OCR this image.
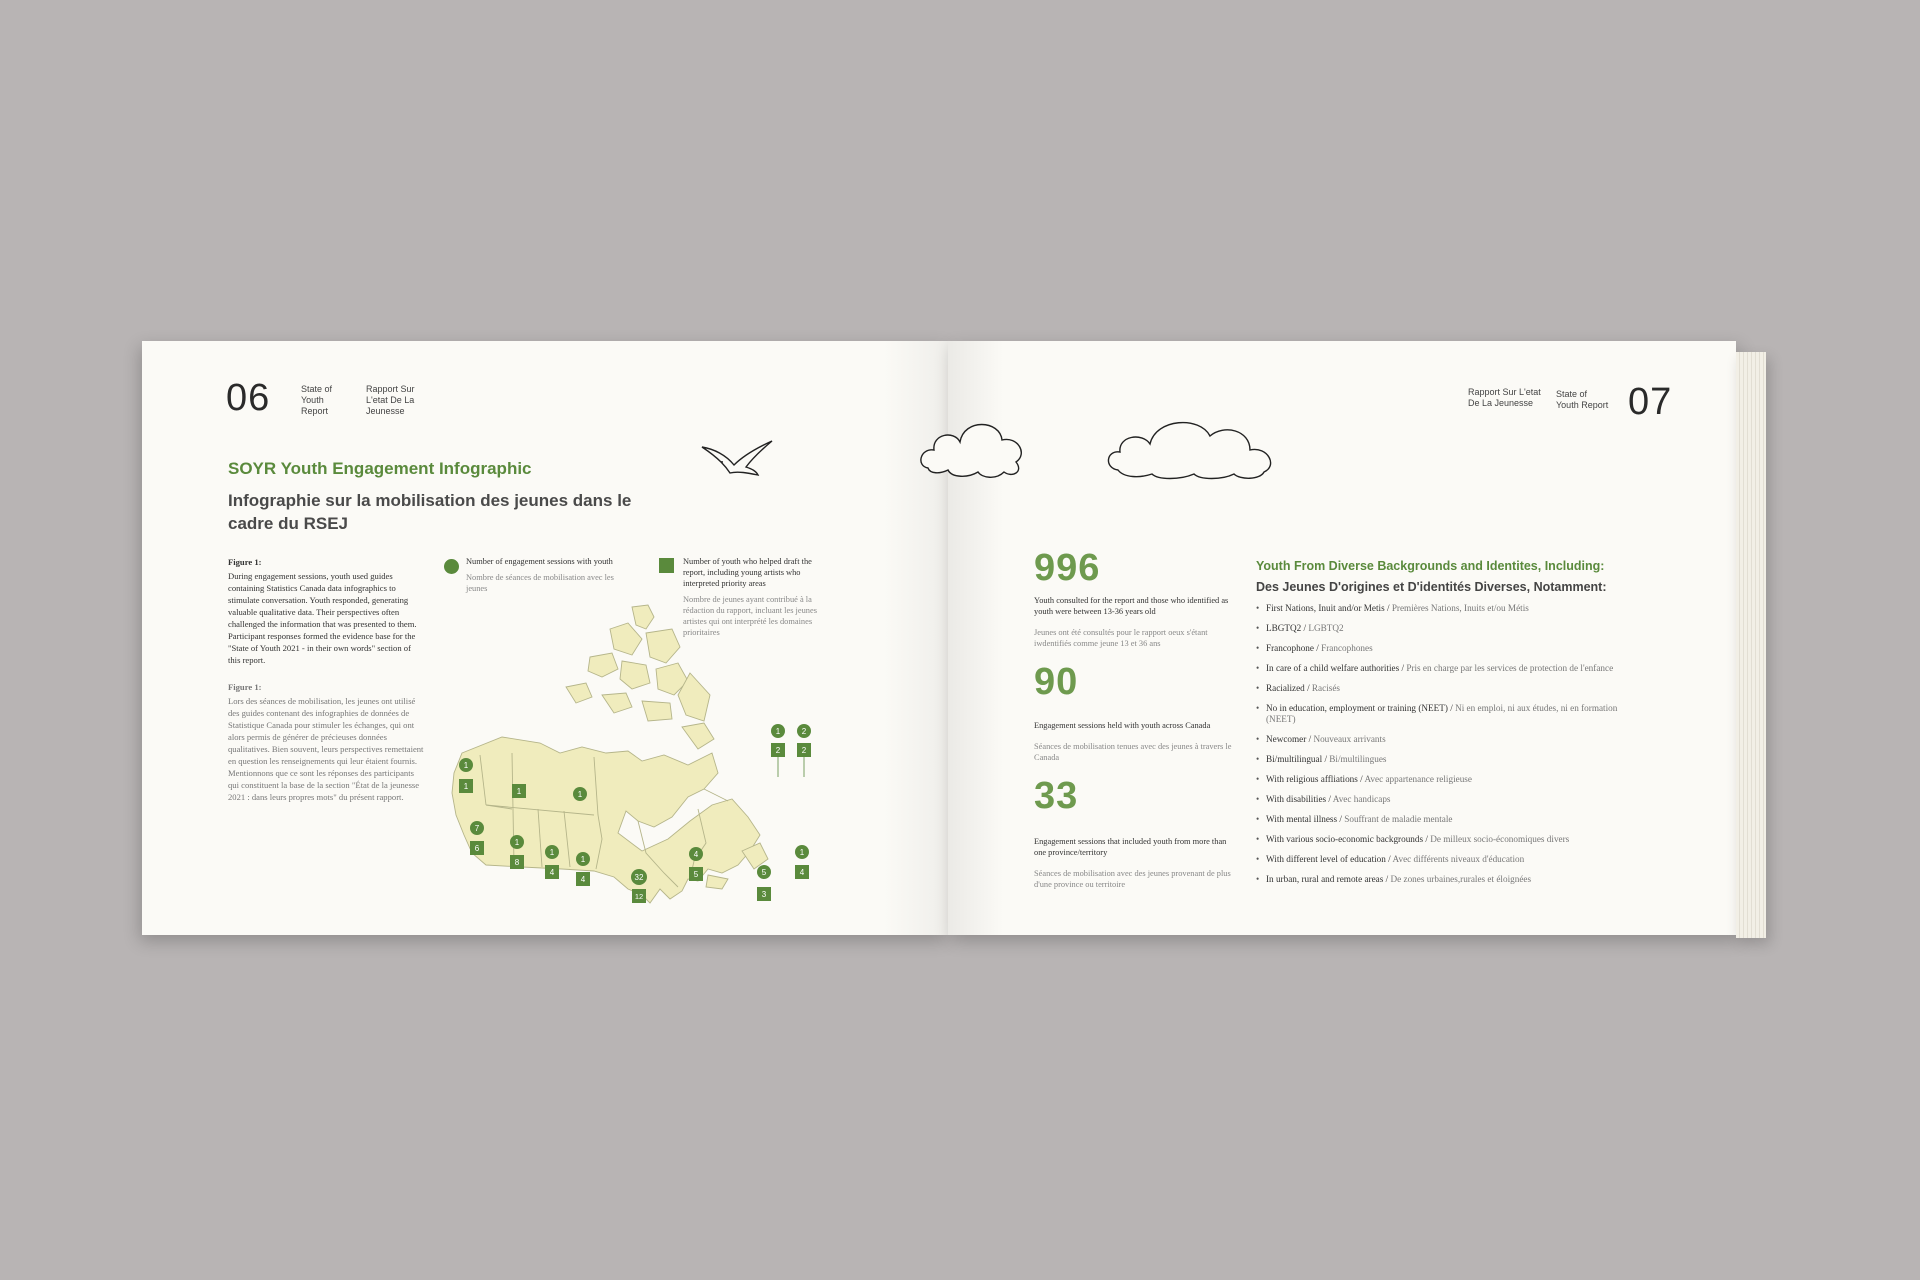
06	State of Youth Report
Rapport Sur L'etat De La Jeunesse
SOYR Youth Engagement Infographic
Infographie sur la mobilisation des jeunes dans le cadre du RSEJ
Figure 1:
During engagement sessions, youth used guides containing Statistics Canada data infographics to stimulate conversation. Youth responded, generating valuable qualitative data. Their perspectives often challenged the information that was presented to them. Participant responses formed the evidence base for the "State of Youth 2021 - in their own words" section of this report.
Figure 1:
Lors des séances de mobilisation, les jeunes ont utilisé des guides contenant des infographies de données de Statistique Canada pour stimuler les échanges, qui ont alors permis de générer de précieuses données qualitatives. Bien souvent, leurs perspectives remettaient en question les renseignements qui leur étaient fournis. Mentionnons que ce sont les réponses des participants qui constituent la base de la section "État de la jeunesse 2021 : dans leurs propres mots" du présent rapport.
Number of engagement sessions with youth
Nombre de séances de mobilisation avec les jeunes
Number of youth who helped draft the report, including young artists who interpreted priority areas
Nombre de jeunes ayant contribué à la rédaction du rapport, incluant les jeunes artistes qui ont interprété les domaines prioritaires
1
1
1	1
7
6
1
8
1
4
1
4	32
12
4
5
1
2
2
2
5
3
1
4
Rapport Sur L'etat De La Jeunesse
State of Youth Report 07
996
Youth consulted for the report and those who identified as youth were between 13-36 years old
Jeunes ont été consultés pour le rapport oeux s'étant iwdentifiés comme jeune 13 et 36 ans
90
Engagement sessions held with youth across Canada
Séances de mobilisation tenues avec des jeunes à travers le Canada
33
Engagement sessions that included youth from more than one province/territory
Séances de mobilisation avec des jeunes provenant de plus d'une province ou territoire
Youth From Diverse Backgrounds and Identites, Including:
Des Jeunes D'origines et D'identités Diverses, Notamment:
• First Nations, Inuit and/or Metis / Premières Nations, Inuits et/ou Métis
• LBGTQ2 / LGBTQ2
• Francophone / Francophones
• In care of a child welfare authorities / Pris en charge par les services de protection de l'enfance
• Racialized / Racisés
• No in education, employment or training (NEET) / Ni en emploi, ni aux études, ni en formation (NEET)
• Newcomer / Nouveaux arrivants
• Bi/multilingual / Bi/multilingues
• With religious affliations / Avec appartenance religieuse
• With disabilities / Avec handicaps
• With mental illness / Souffrant de maladie mentale
• With various socio-economic backgrounds / De milleux socio-économiques divers
• With different level of education / Avec différents niveaux d'éducation
• In urban, rural and remote areas / De zones urbaines,rurales et éloignées
